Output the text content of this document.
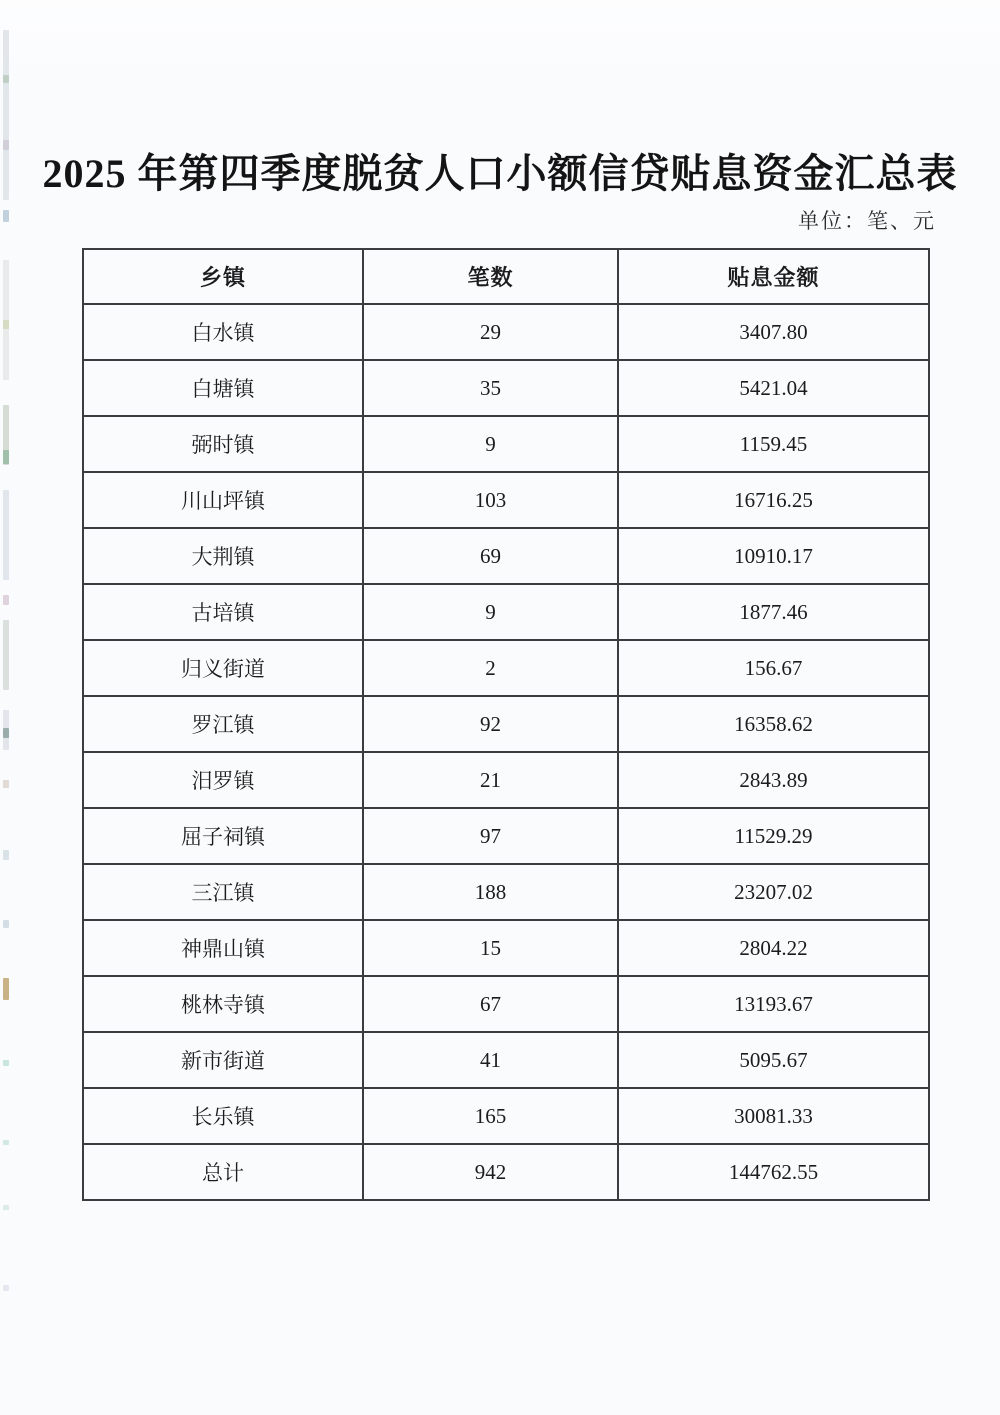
2025 年第四季度脱贫人口小额信贷贴息资金汇总表
单位：笔、元
乡镇	笔数	贴息金额
白水镇	29	3407.80
白塘镇	35	5421.04
弼时镇	9	1159.45
川山坪镇	103	16716.25
大荆镇	69	10910.17
古培镇	9	1877.46
归义街道	2	156.67
罗江镇	92	16358.62
汨罗镇	21	2843.89
屈子祠镇	97	11529.29
三江镇	188	23207.02
神鼎山镇	15	2804.22
桃林寺镇	67	13193.67
新市街道	41	5095.67
长乐镇	165	30081.33
总计	942	144762.55
